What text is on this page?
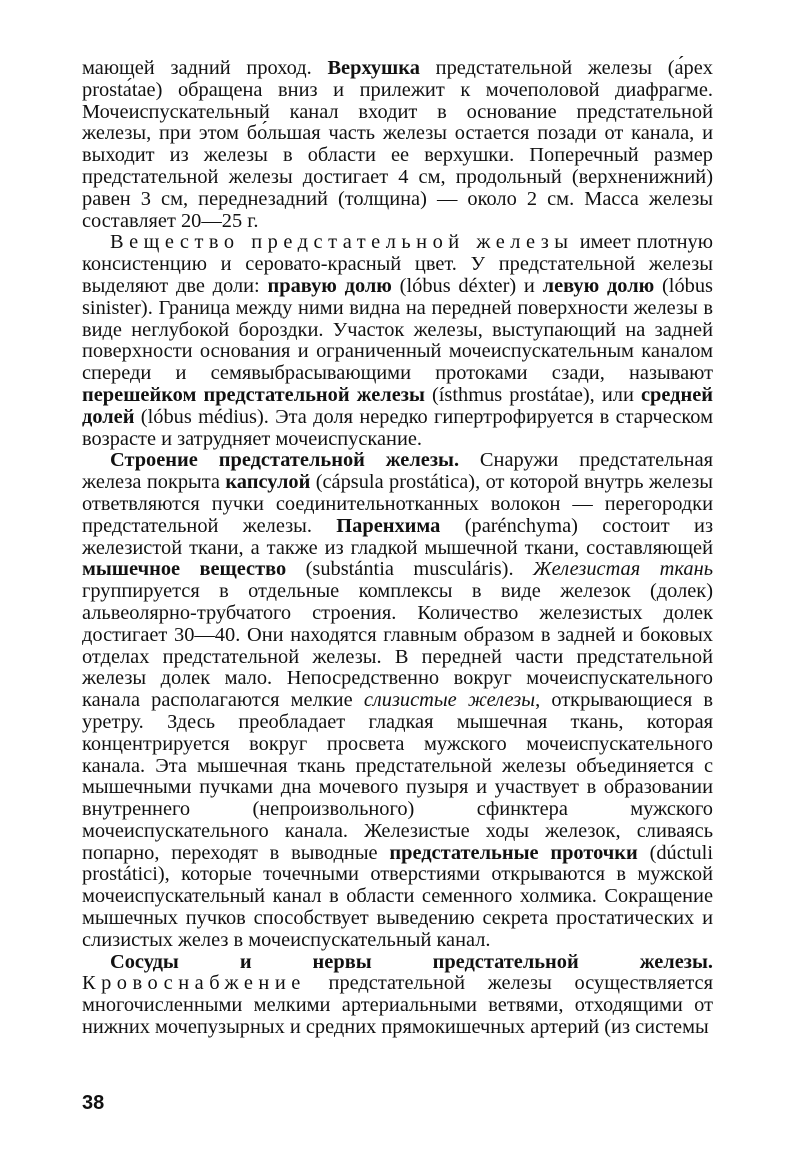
мающей задний проход. Верхушка предстательной железы (а́рex prostа́tae) обращена вниз и прилежит к мочеполовой диафрагме. Мочеиспускательный канал входит в основание предстательной железы, при этом бо́льшая часть железы остается позади от канала, и выходит из железы в области ее верхушки. Поперечный размер предстательной железы достигает 4 см, продольный (верхненижний) равен 3 см, переднезадний (толщина) — около 2 см. Масса железы составляет 20—25 г.

Вещество предстательной железы имеет плотную консистенцию и серовато-красный цвет. У предстательной железы выделяют две доли: правую долю (lóbus déxter) и левую долю (lóbus sinister). Граница между ними видна на передней поверхности железы в виде неглубокой бороздки. Участок железы, выступающий на задней поверхности основания и ограниченный мочеиспускательным каналом спереди и семявыбрасывающими протоками сзади, называют перешейком предстательной железы (ísthmus prostátae), или средней долей (lóbus médius). Эта доля нередко гипертрофируется в старческом возрасте и затрудняет мочеиспускание.

Строение предстательной железы. Снаружи предстательная железа покрыта капсулой (cápsula prostática), от которой внутрь железы ответвляются пучки соединительнотканных волокон — перегородки предстательной железы. Паренхима (paréncһyma) состоит из железистой ткани, а также из гладкой мышечной ткани, составляющей мышечное вещество (substántia musculáris). Железистая ткань группируется в отдельные комплексы в виде железок (долек) альвеолярно-трубчатого строения. Количество железистых долек достигает 30—40. Они находятся главным образом в задней и боковых отделах предстательной железы. В передней части предстательной железы долек мало. Непосредственно вокруг мочеиспускательного канала располагаются мелкие слизистые железы, открывающиеся в уретру. Здесь преобладает гладкая мышечная ткань, которая концентрируется вокруг просвета мужского мочеиспускательного канала. Эта мышечная ткань предстательной железы объединяется с мышечными пучками дна мочевого пузыря и участвует в образовании внутреннего (непроизвольного) сфинктера мужского мочеиспускательного канала. Железистые ходы железок, сливаясь попарно, переходят в выводные предстательные проточки (dúctuli prostátici), которые точечными отверстиями открываются в мужской мочеиспускательный канал в области семенного холмика. Сокращение мышечных пучков способствует выведению секрета простатических и слизистых желез в мочеиспускательный канал.

Сосуды и нервы предстательной железы. Кровоснабжение предстательной железы осуществляется многочисленными мелкими артериальными ветвями, отходящими от нижних мочепузырных и средних прямокишечных артерий (из системы

38
